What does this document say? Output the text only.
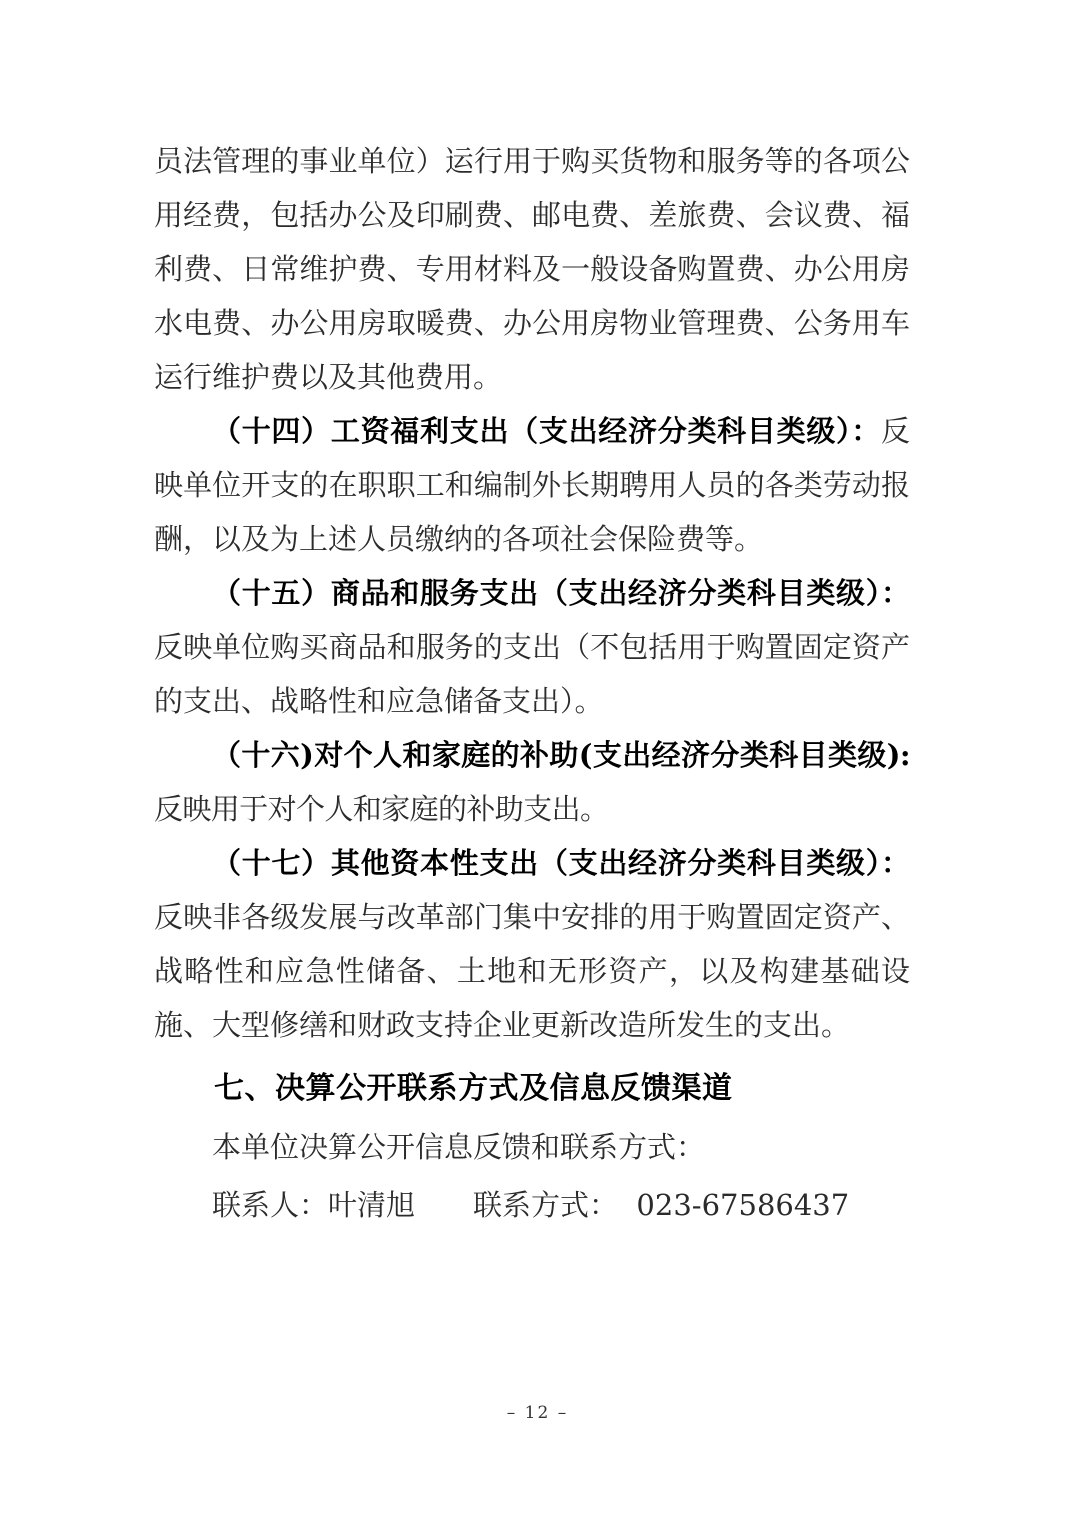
员法管理的事业单位）运行用于购买货物和服务等的各项公用经费，包括办公及印刷费、邮电费、差旅费、会议费、福利费、日常维护费、专用材料及一般设备购置费、办公用房水电费、办公用房取暖费、办公用房物业管理费、公务用车运行维护费以及其他费用。

（十四）工资福利支出（支出经济分类科目类级）：反映单位开支的在职职工和编制外长期聘用人员的各类劳动报酬，以及为上述人员缴纳的各项社会保险费等。

（十五）商品和服务支出（支出经济分类科目类级）：反映单位购买商品和服务的支出（不包括用于购置固定资产的支出、战略性和应急储备支出）。

（十六)对个人和家庭的补助(支出经济分类科目类级):反映用于对个人和家庭的补助支出。

（十七）其他资本性支出（支出经济分类科目类级）：反映非各级发展与改革部门集中安排的用于购置固定资产、战略性和应急性储备、土地和无形资产，以及构建基础设施、大型修缮和财政支持企业更新改造所发生的支出。

七、决算公开联系方式及信息反馈渠道

本单位决算公开信息反馈和联系方式：

联系人：叶清旭　　联系方式：  023-67586437

– 12 –
